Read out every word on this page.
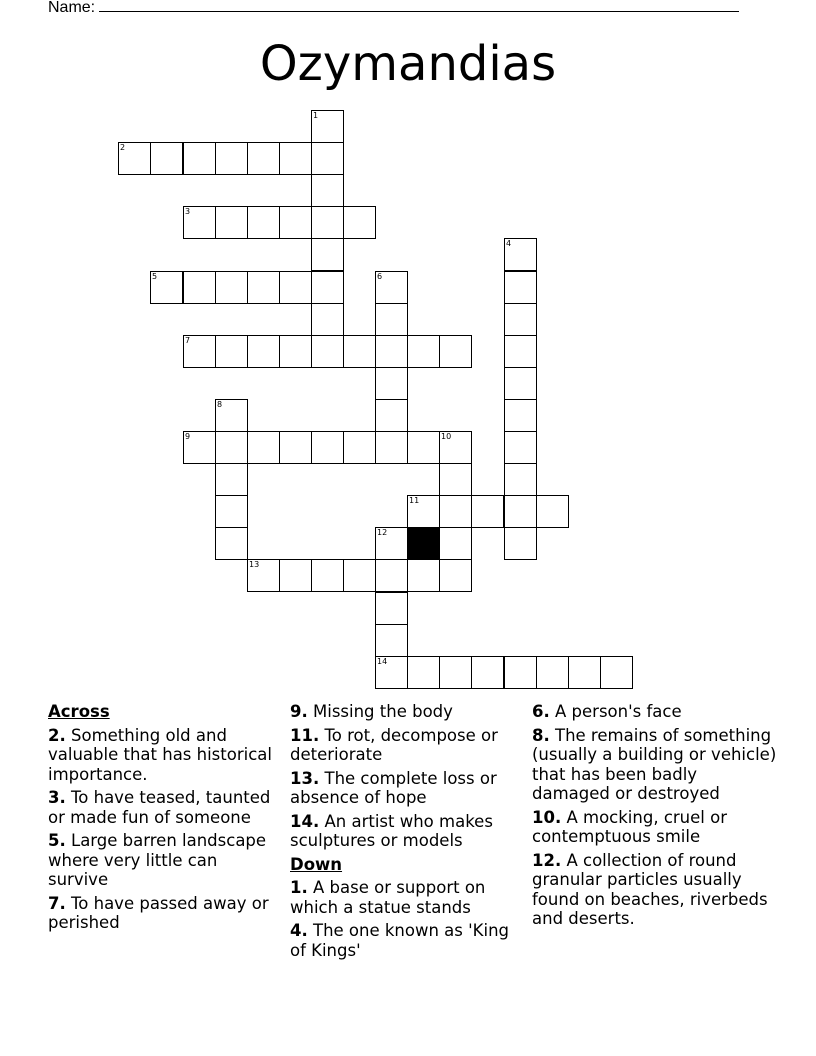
Name:
Ozymandias
1
2
3
4
5	6
7
8
9	10
11
12
13
14
Across
2. Something old and valuable that has historical importance.
3. To have teased, taunted or made fun of someone
5. Large barren landscape where very little can survive
7. To have passed away or perished
9. Missing the body
11. To rot, decompose or deteriorate
13. The complete loss or absence of hope
14. An artist who makes sculptures or models
Down
1. A base or support on which a statue stands
4. The one known as 'King of Kings'
6. A person's face
8. The remains of something (usually a building or vehicle) that has been badly damaged or destroyed
10. A mocking, cruel or contemptuous smile
12. A collection of round granular particles usually found on beaches, riverbeds and deserts.
